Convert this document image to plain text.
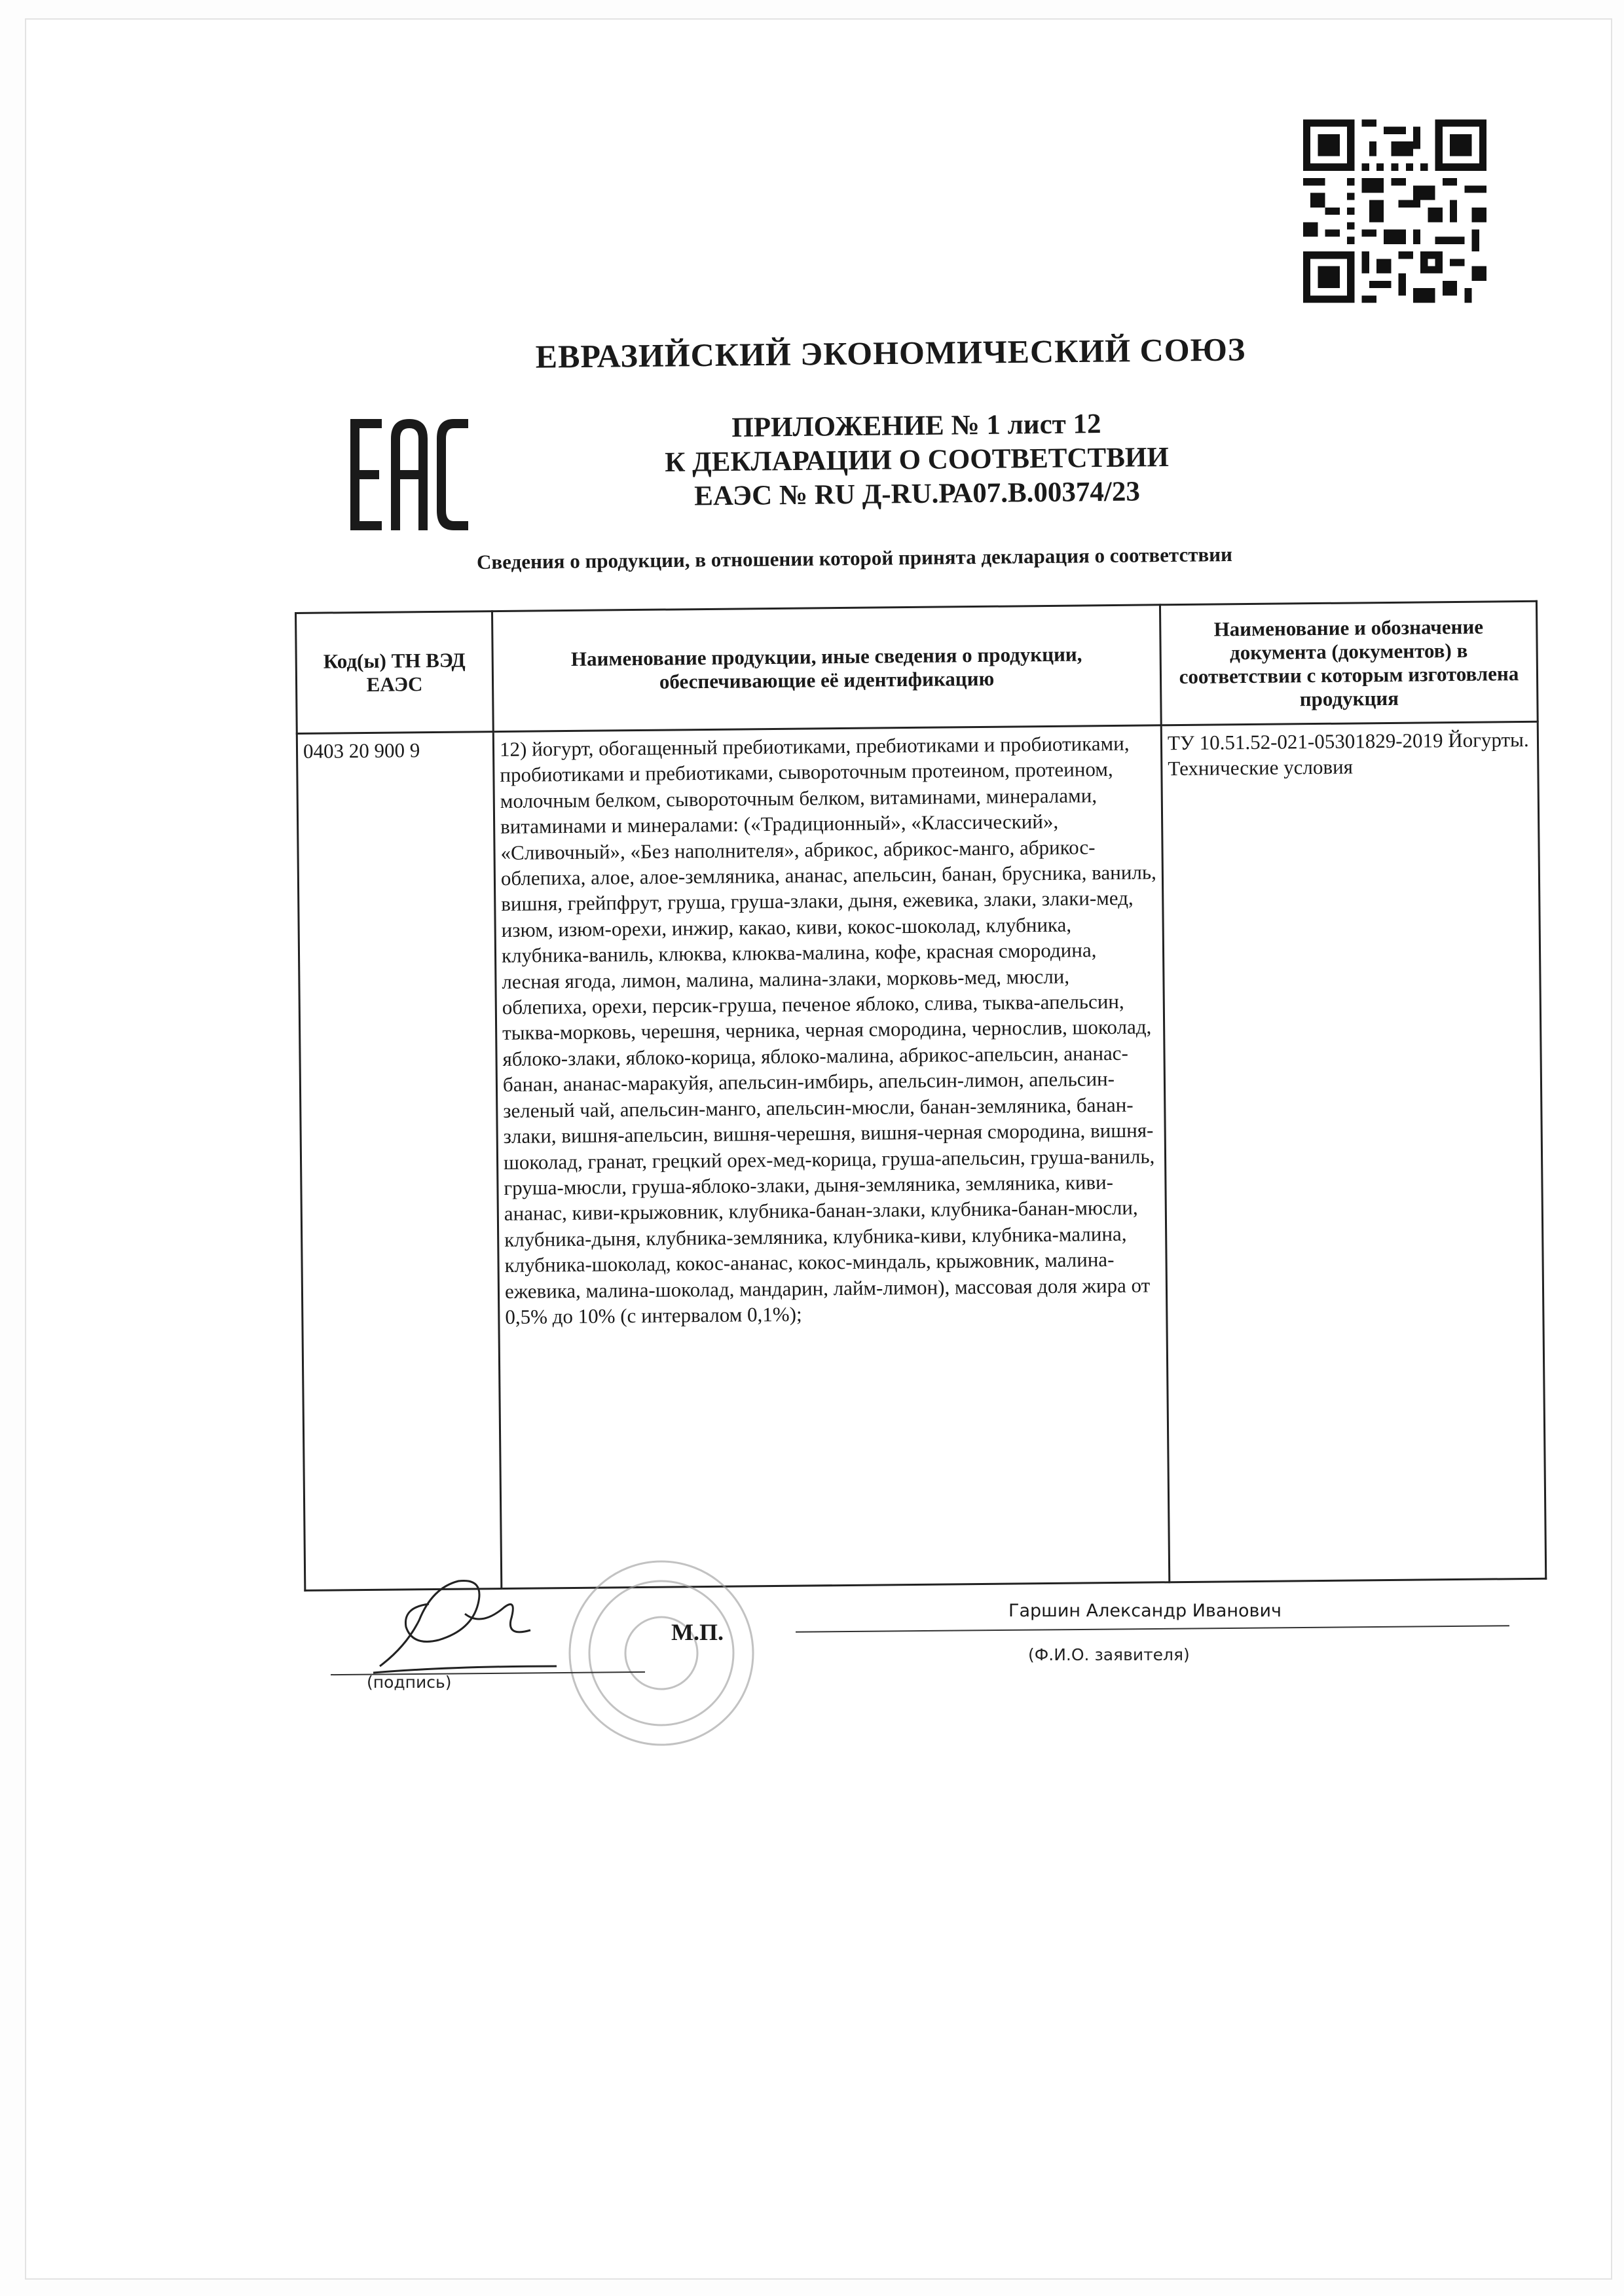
ЕВРАЗИЙСКИЙ ЭКОНОМИЧЕСКИЙ СОЮЗ
ПРИЛОЖЕНИЕ № 1 лист 12
К ДЕКЛАРАЦИИ О СООТВЕТСТВИИ
ЕАЭС № RU Д-RU.РА07.В.00374/23
Сведения о продукции, в отношении которой принята декларация о соответствии
Код(ы) ТН ВЭД ЕАЭС	Наименование продукции, иные сведения о продукции, обеспечивающие её идентификацию	Наименование и обозначение документа (документов) в соответствии с которым изготовлена продукция
0403 20 900 9	12) йогурт, обогащенный пребиотиками, пребиотиками и пробиотиками, пробиотиками и пребиотиками, сывороточным протеином, протеином, молочным белком, сывороточным белком, витаминами, минералами, витаминами и минералами: («Традиционный», «Классический», «Сливочный», «Без наполнителя», абрикос, абрикос-манго, абрикос-облепиха, алое, алое-земляника, ананас, апельсин, банан, брусника, ваниль, вишня, грейпфрут, груша, груша-злаки, дыня, ежевика, злаки, злаки-мед, изюм, изюм-орехи, инжир, какао, киви, кокос-шоколад, клубника, клубника-ваниль, клюква, клюква-малина, кофе, красная смородина, лесная ягода, лимон, малина, малина-злаки, морковь-мед, мюсли, облепиха, орехи, персик-груша, печеное яблоко, слива, тыква-апельсин, тыква-морковь, черешня, черника, черная смородина, чернослив, шоколад, яблоко-злаки, яблоко-корица, яблоко-малина, абрикос-апельсин, ананас-банан, ананас-маракуйя, апельсин-имбирь, апельсин-лимон, апельсин-зеленый чай, апельсин-манго, апельсин-мюсли, банан-земляника, банан-злаки, вишня-апельсин, вишня-черешня, вишня-черная смородина, вишня-шоколад, гранат, грецкий орех-мед-корица, груша-апельсин, груша-ваниль, груша-мюсли, груша-яблоко-злаки, дыня-земляника, земляника, киви-ананас, киви-крыжовник, клубника-банан-злаки, клубника-банан-мюсли, клубника-дыня, клубника-земляника, клубника-киви, клубника-малина, клубника-шоколад, кокос-ананас, кокос-миндаль, крыжовник, малина-ежевика, малина-шоколад, мандарин, лайм-лимон), массовая доля жира от 0,5% до 10% (с интервалом 0,1%);	ТУ 10.51.52-021-05301829-2019 Йогурты. Технические условия
(подпись)
М.П.
Гаршин Александр Иванович
(Ф.И.О. заявителя)
